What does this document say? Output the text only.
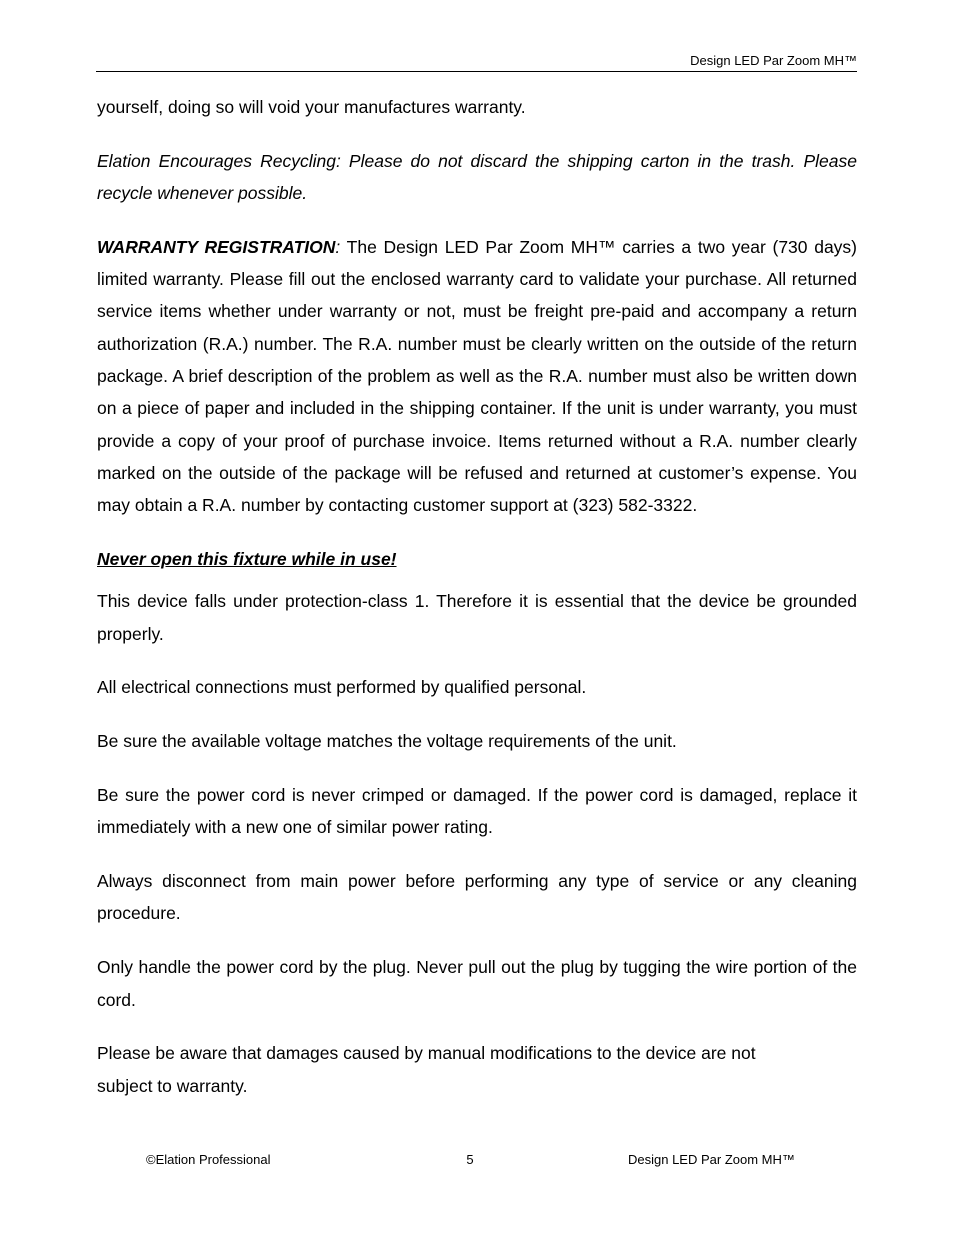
Design LED Par Zoom MH™

yourself, doing so will void your manufactures warranty.

Elation Encourages Recycling: Please do not discard the shipping carton in the trash. Please recycle whenever possible.

WARRANTY REGISTRATION: The Design LED Par Zoom MH™ carries a two year (730 days) limited warranty. Please fill out the enclosed warranty card to validate your purchase. All returned service items whether under warranty or not, must be freight pre-paid and accompany a return authorization (R.A.) number. The R.A. number must be clearly written on the outside of the return package. A brief description of the problem as well as the R.A. number must also be written down on a piece of paper and included in the shipping container. If the unit is under warranty, you must provide a copy of your proof of purchase invoice. Items returned without a R.A. number clearly marked on the outside of the package will be refused and returned at customer’s expense. You may obtain a R.A. number by contacting customer support at (323) 582-3322.

Never open this fixture while in use!

This device falls under protection-class 1. Therefore it is essential that the device be grounded properly.

All electrical connections must performed by qualified personal.

Be sure the available voltage matches the voltage requirements of the unit.

Be sure the power cord is never crimped or damaged. If the power cord is damaged, replace it immediately with a new one of similar power rating.

Always disconnect from main power before performing any type of service or any cleaning procedure.

Only handle the power cord by the plug. Never pull out the plug by tugging the wire portion of the cord.

Please be aware that damages caused by manual modifications to the device are not
subject to warranty.

©Elation Professional	5	Design LED Par Zoom MH™
